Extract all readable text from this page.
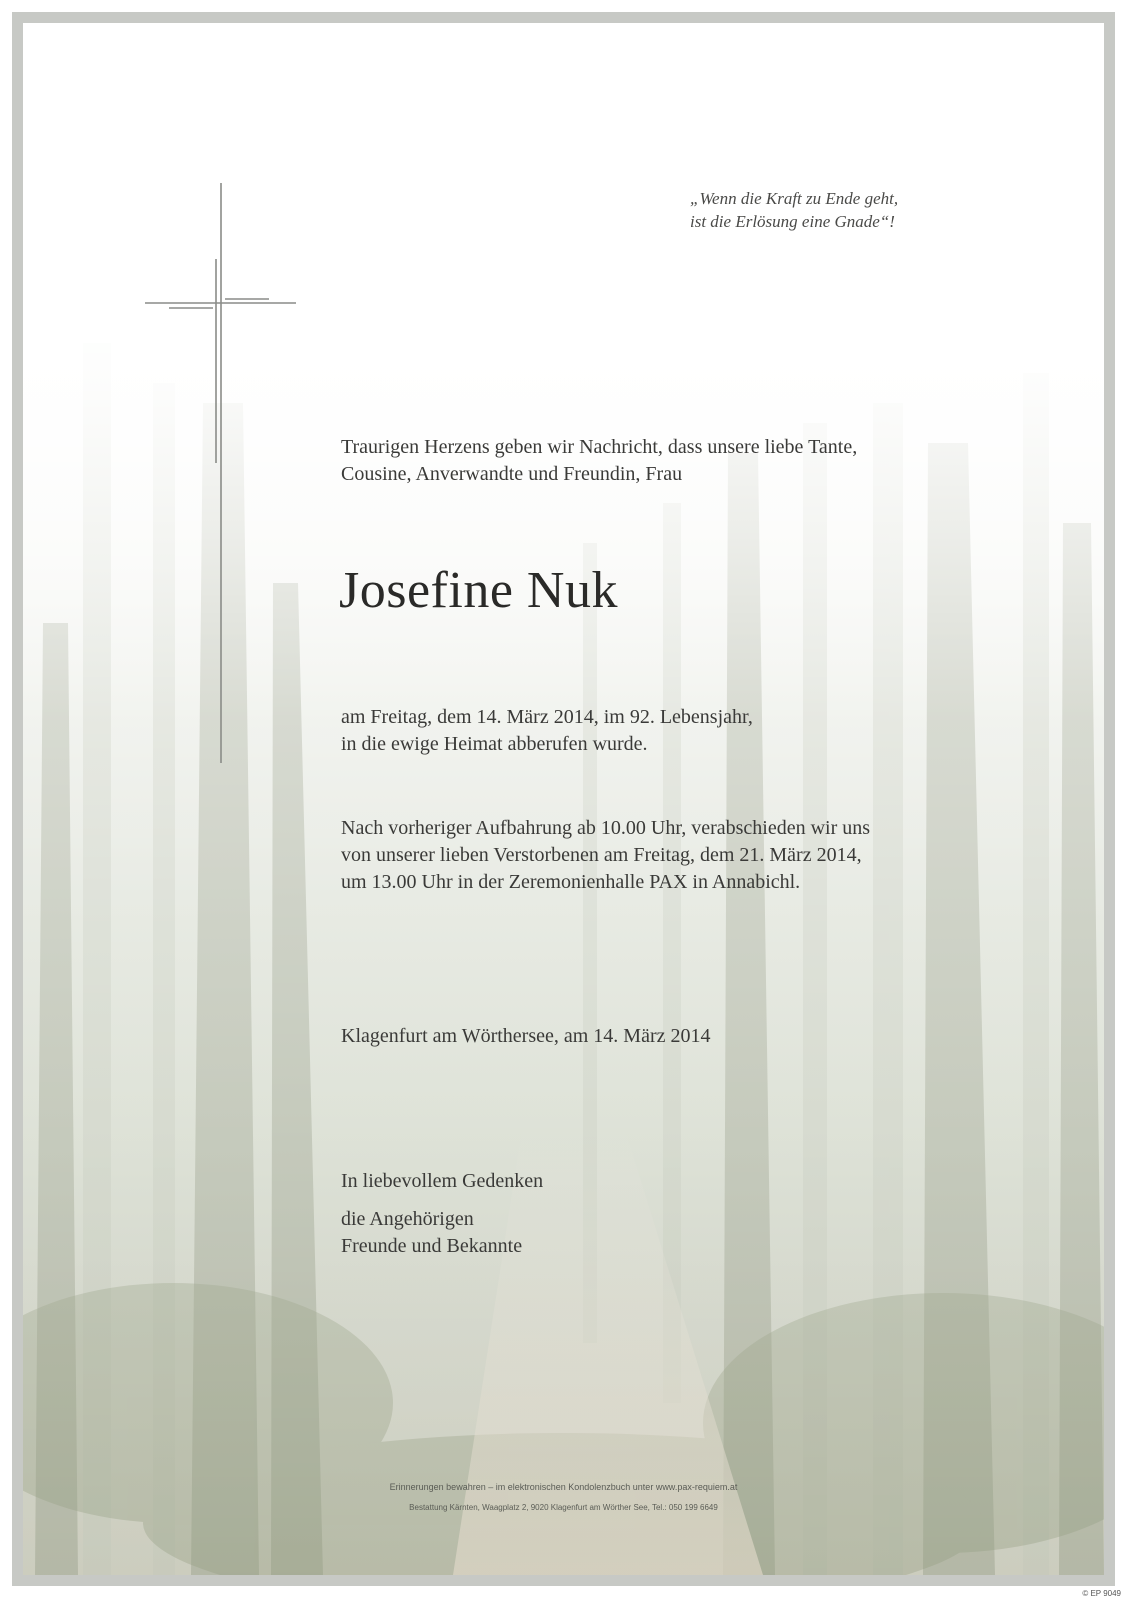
„Wenn die Kraft zu Ende geht,
ist die Erlösung eine Gnade“!
Traurigen Herzens geben wir Nachricht, dass unsere liebe Tante,
Cousine, Anverwandte und Freundin, Frau
Josefine Nuk
am Freitag, dem 14. März 2014, im 92. Lebensjahr,
in die ewige Heimat abberufen wurde.
Nach vorheriger Aufbahrung ab 10.00 Uhr, verabschieden wir uns
von unserer lieben Verstorbenen am Freitag, dem 21. März 2014,
um 13.00 Uhr in der Zeremonienhalle PAX in Annabichl.
Klagenfurt am Wörthersee, am 14. März 2014
In liebevollem Gedenken
die Angehörigen
Freunde und Bekannte
Erinnerungen bewahren – im elektronischen Kondolenzbuch unter www.pax-requiem.at
Bestattung Kärnten, Waagplatz 2, 9020 Klagenfurt am Wörther See, Tel.: 050 199 6649
© EP 9049
